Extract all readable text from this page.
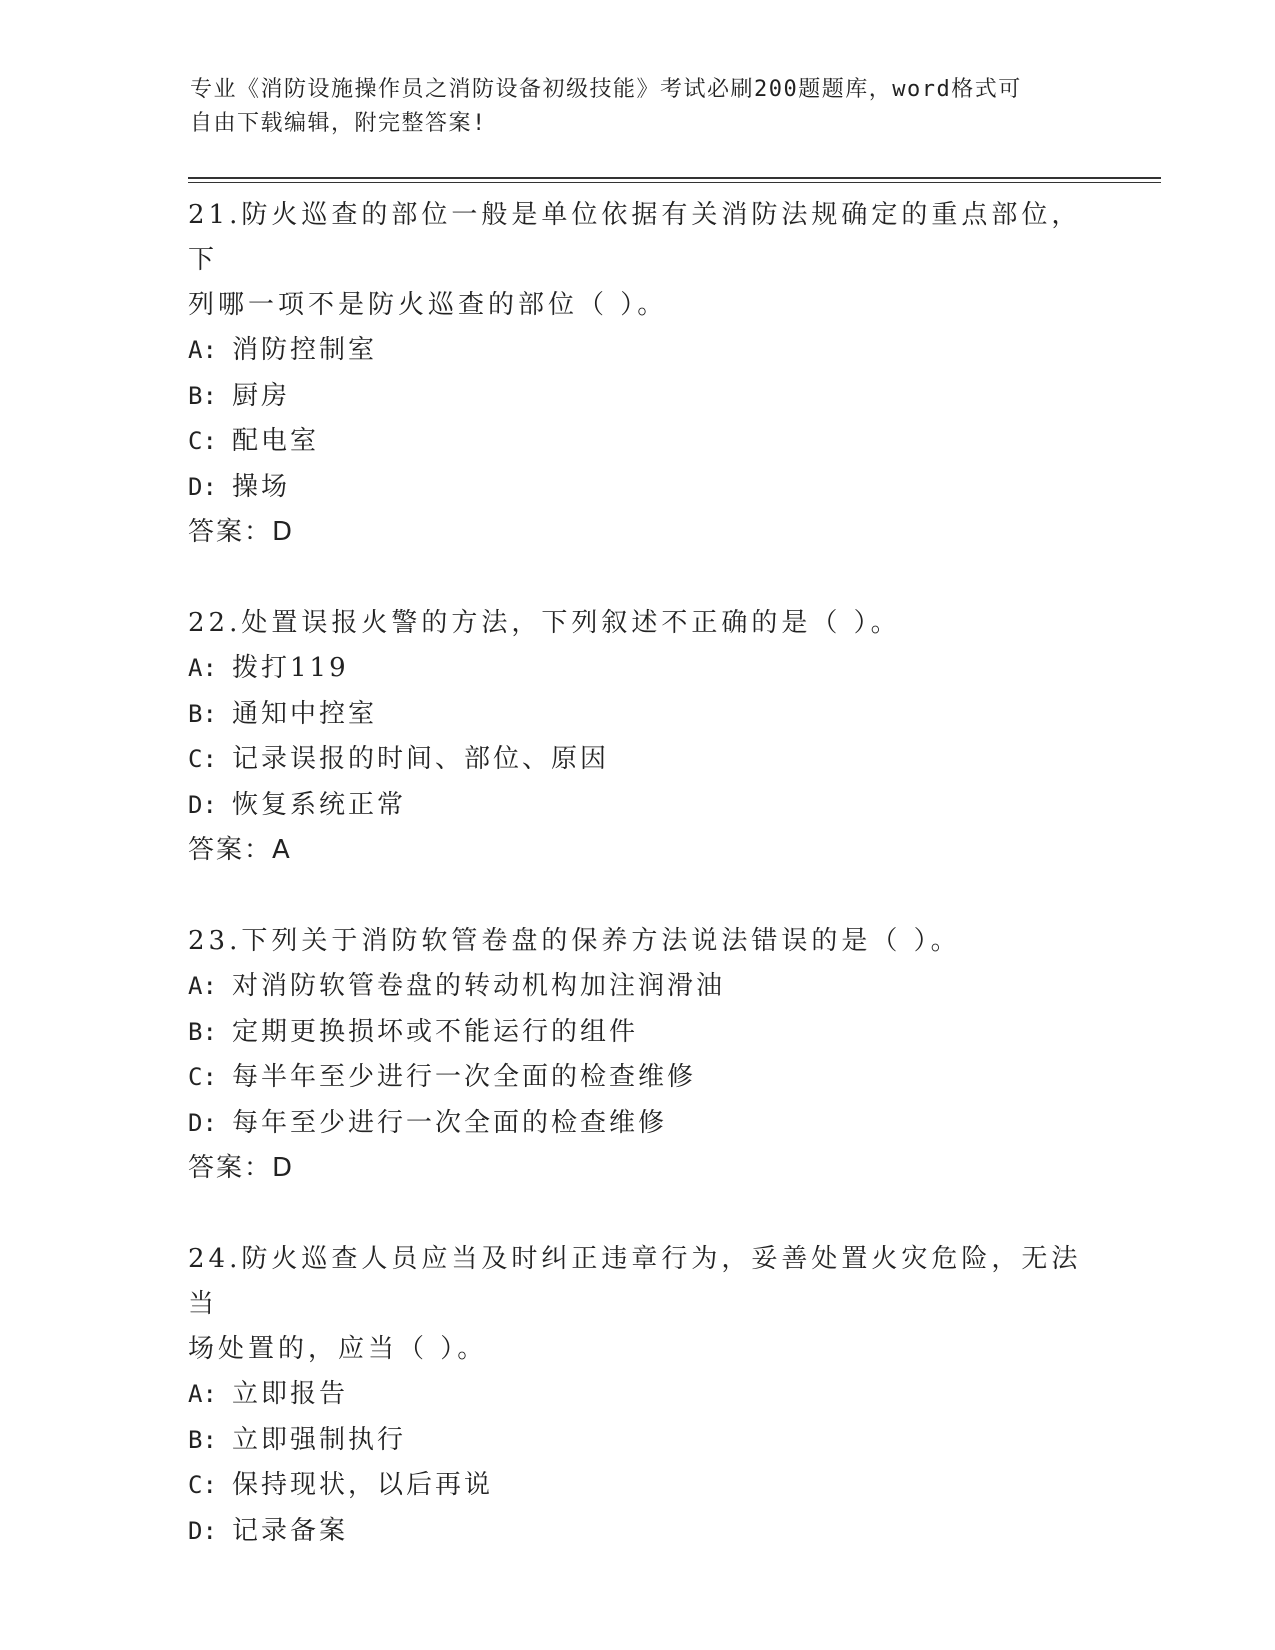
专业《消防设施操作员之消防设备初级技能》考试必刷200题题库，word格式可
自由下载编辑，附完整答案!

21.防火巡查的部位一般是单位依据有关消防法规确定的重点部位，下

列哪一项不是防火巡查的部位（ ）。

A: 消防控制室

B: 厨房

C: 配电室

D: 操场

答案：D

22.处置误报火警的方法，下列叙述不正确的是（ ）。

A: 拨打119

B: 通知中控室

C: 记录误报的时间、部位、原因

D: 恢复系统正常

答案：A

23.下列关于消防软管卷盘的保养方法说法错误的是（ ）。

A: 对消防软管卷盘的转动机构加注润滑油

B: 定期更换损坏或不能运行的组件

C: 每半年至少进行一次全面的检查维修

D: 每年至少进行一次全面的检查维修

答案：D

24.防火巡查人员应当及时纠正违章行为，妥善处置火灾危险，无法当

场处置的，应当（ ）。

A: 立即报告

B: 立即强制执行

C: 保持现状，以后再说

D: 记录备案
